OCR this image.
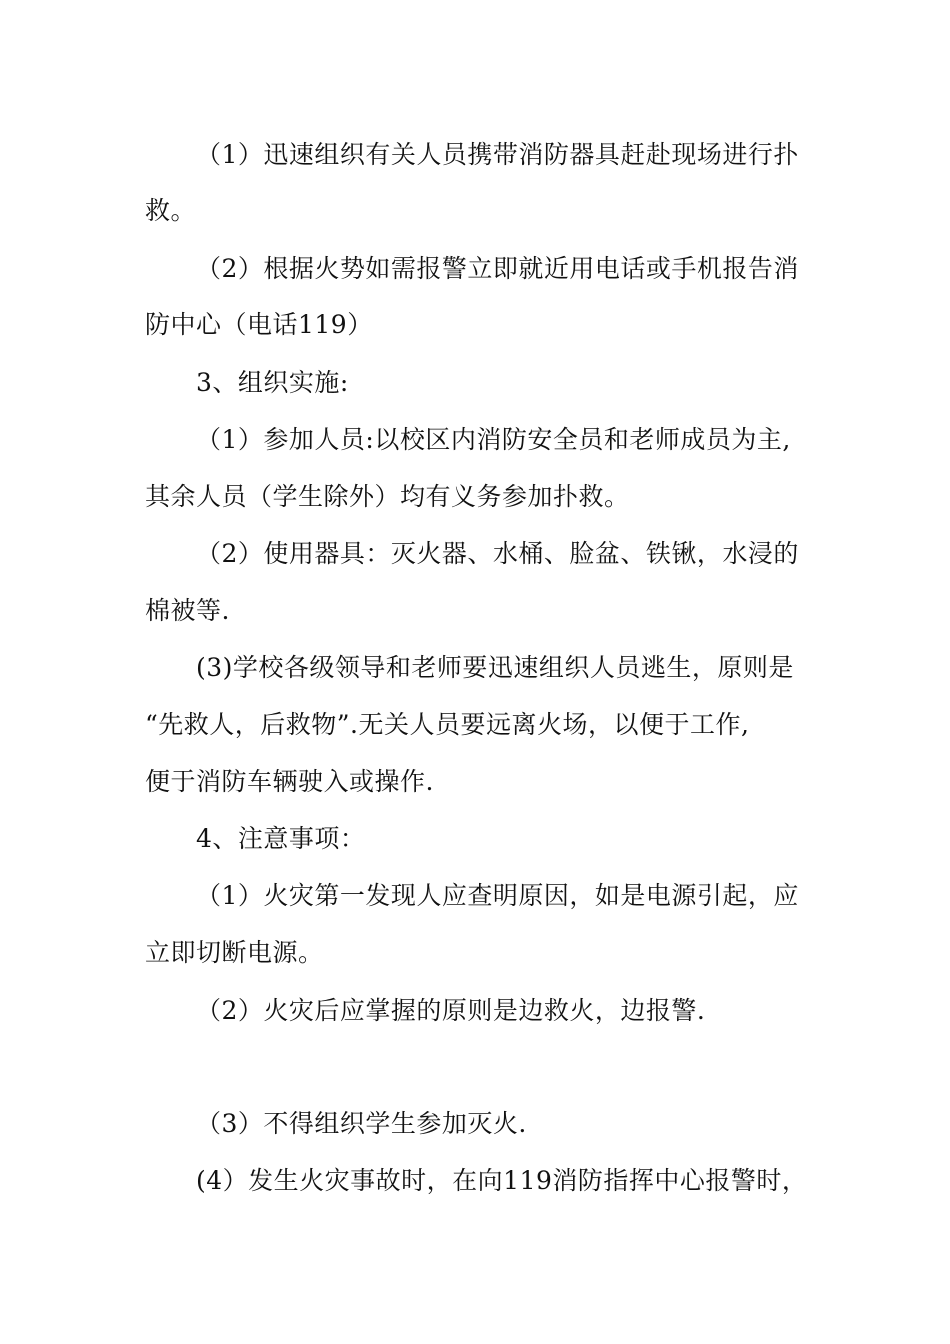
（1）迅速组织有关人员携带消防器具赶赴现场进行扑
救。
（2）根据火势如需报警立即就近用电话或手机报告消
防中心（电话119）
3、组织实施:
（1）参加人员:以校区内消防安全员和老师成员为主,
其余人员（学生除外）均有义务参加扑救。
（2）使用器具：灭火器、水桶、脸盆、铁锹，水浸的
棉被等.
(3)学校各级领导和老师要迅速组织人员逃生，原则是
“先救人，后救物”.无关人员要远离火场，以便于工作,
便于消防车辆驶入或操作.
4、注意事项：
（1）火灾第一发现人应查明原因，如是电源引起，应
立即切断电源。
（2）火灾后应掌握的原则是边救火，边报警.
（3）不得组织学生参加灭火.
(4）发生火灾事故时，在向119消防指挥中心报警时，
